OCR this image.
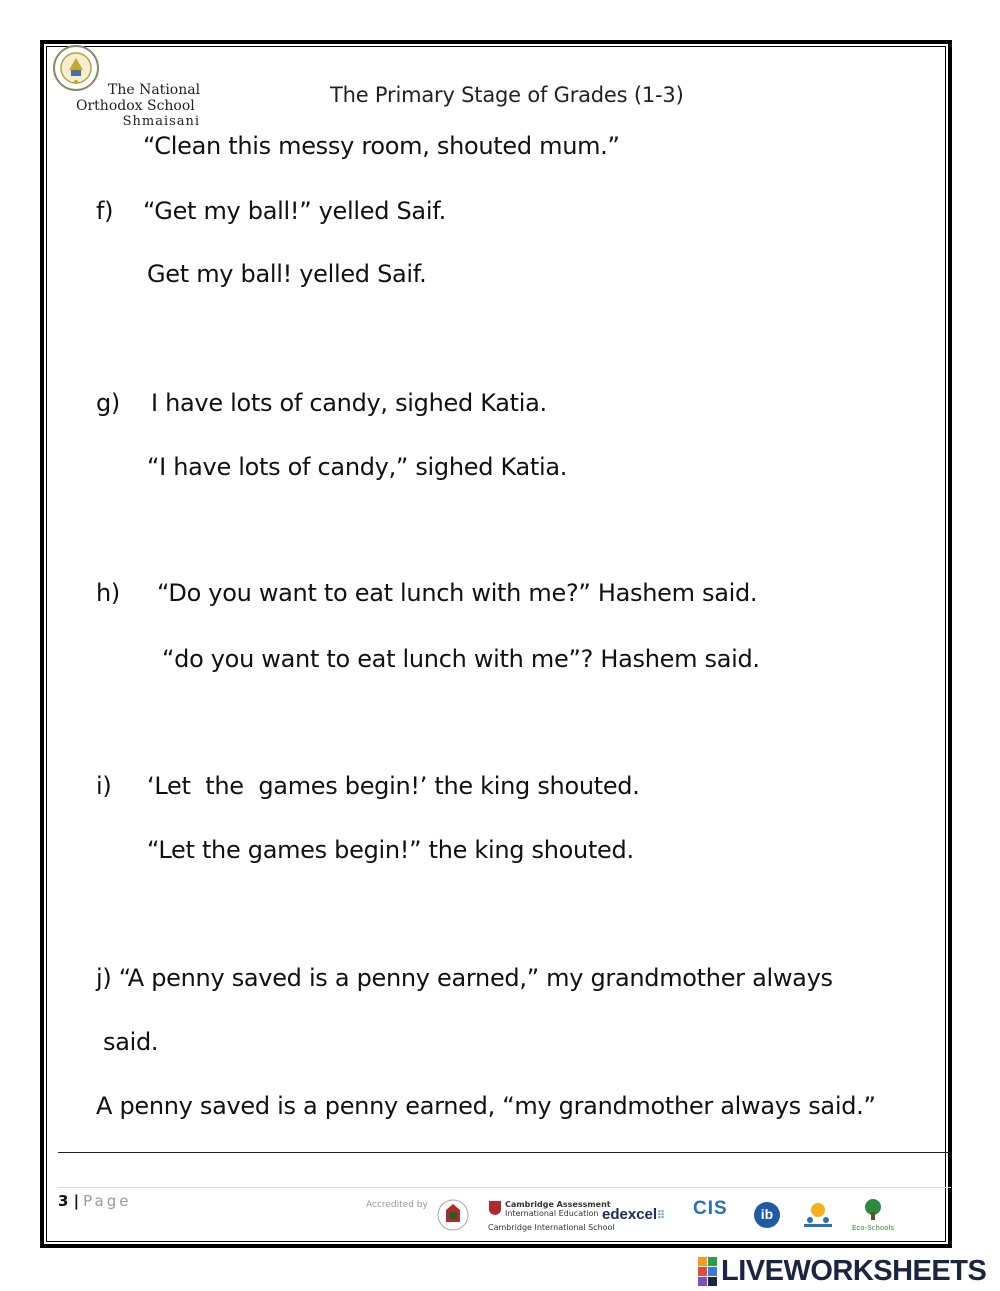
The National
Orthodox School
Shmaisani
The Primary Stage of Grades (1-3)
“Clean this messy room, shouted mum.”
f) “Get my ball!” yelled Saif.
Get my ball! yelled Saif.
g) I have lots of candy, sighed Katia.
“I have lots of candy,” sighed Katia.
h) “Do you want to eat lunch with me?” Hashem said.
“do you want to eat lunch with me”? Hashem said.
i) ‘Let  the  games begin!’ the king shouted.
“Let the games begin!” the king shouted.
j) “A penny saved is a penny earned,” my grandmother always
said.
A penny saved is a penny earned, “my grandmother always said.”
3 | Page	Accredited by	Cambridge Assessment
International Education
Cambridge International School
edexcel⠿ CIS	ib
Eco-Schools
LIVEWORKSHEETS
